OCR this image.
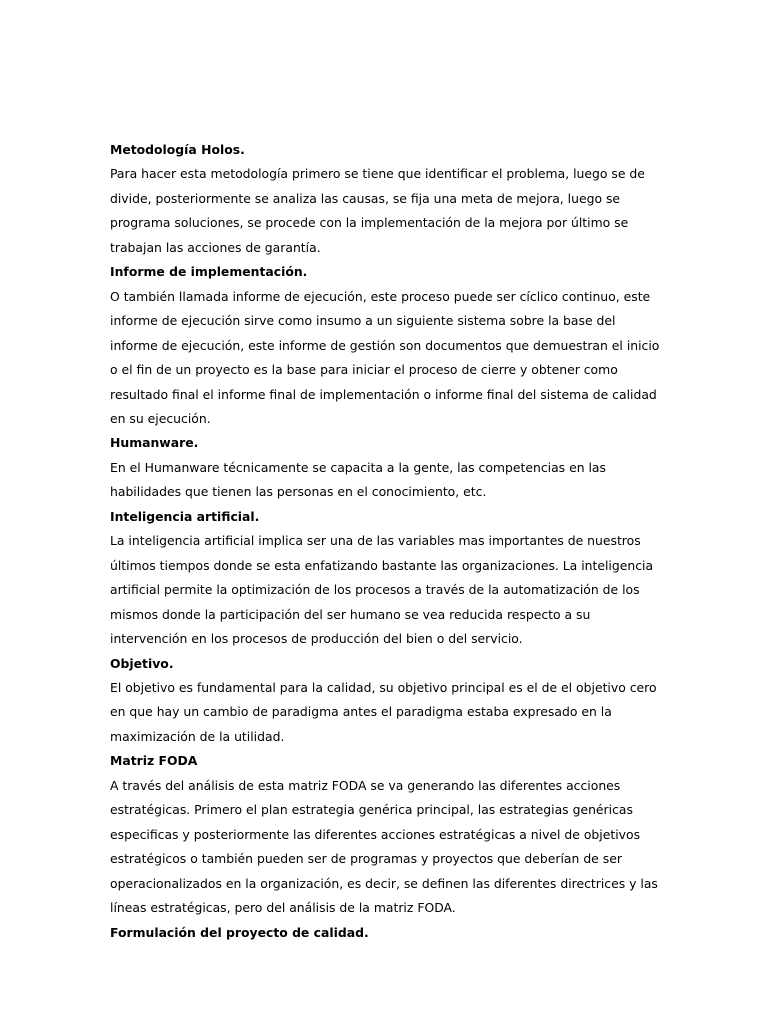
Metodología Holos.

Para hacer esta metodología primero se tiene que identificar el problema, luego se de divide, posteriormente se analiza las causas, se fija una meta de mejora, luego se programa soluciones, se procede con la implementación de la mejora por último se trabajan las acciones de garantía.

Informe de implementación.

O también llamada informe de ejecución, este proceso puede ser cíclico continuo, este informe de ejecución sirve como insumo a un siguiente sistema sobre la base del informe de ejecución, este informe de gestión son documentos que demuestran el inicio o el fin de un proyecto es la base para iniciar el proceso de cierre y obtener como resultado final el informe final de implementación o informe final del sistema de calidad en su ejecución.

Humanware.

En el Humanware técnicamente se capacita a la gente, las competencias en las habilidades que tienen las personas en el conocimiento, etc.

Inteligencia artificial.

La inteligencia artificial implica ser una de las variables mas importantes de nuestros últimos tiempos donde se esta enfatizando bastante las organizaciones. La inteligencia artificial permite la optimización de los procesos a través de la automatización de los mismos donde la participación del ser humano se vea reducida respecto a su intervención en los procesos de producción del bien o del servicio.

Objetivo.

El objetivo es fundamental para la calidad, su objetivo principal es el de el objetivo cero en que hay un cambio de paradigma antes el paradigma estaba expresado en la maximización de la utilidad.

Matriz FODA

A través del análisis de esta matriz FODA se va generando las diferentes acciones estratégicas. Primero el plan estrategia genérica principal, las estrategias genéricas especificas y posteriormente las diferentes acciones estratégicas a nivel de objetivos estratégicos o también pueden ser de programas y proyectos que deberían de ser operacionalizados en la organización, es decir, se definen las diferentes directrices y las líneas estratégicas, pero del análisis de la matriz FODA.

Formulación del proyecto de calidad.
